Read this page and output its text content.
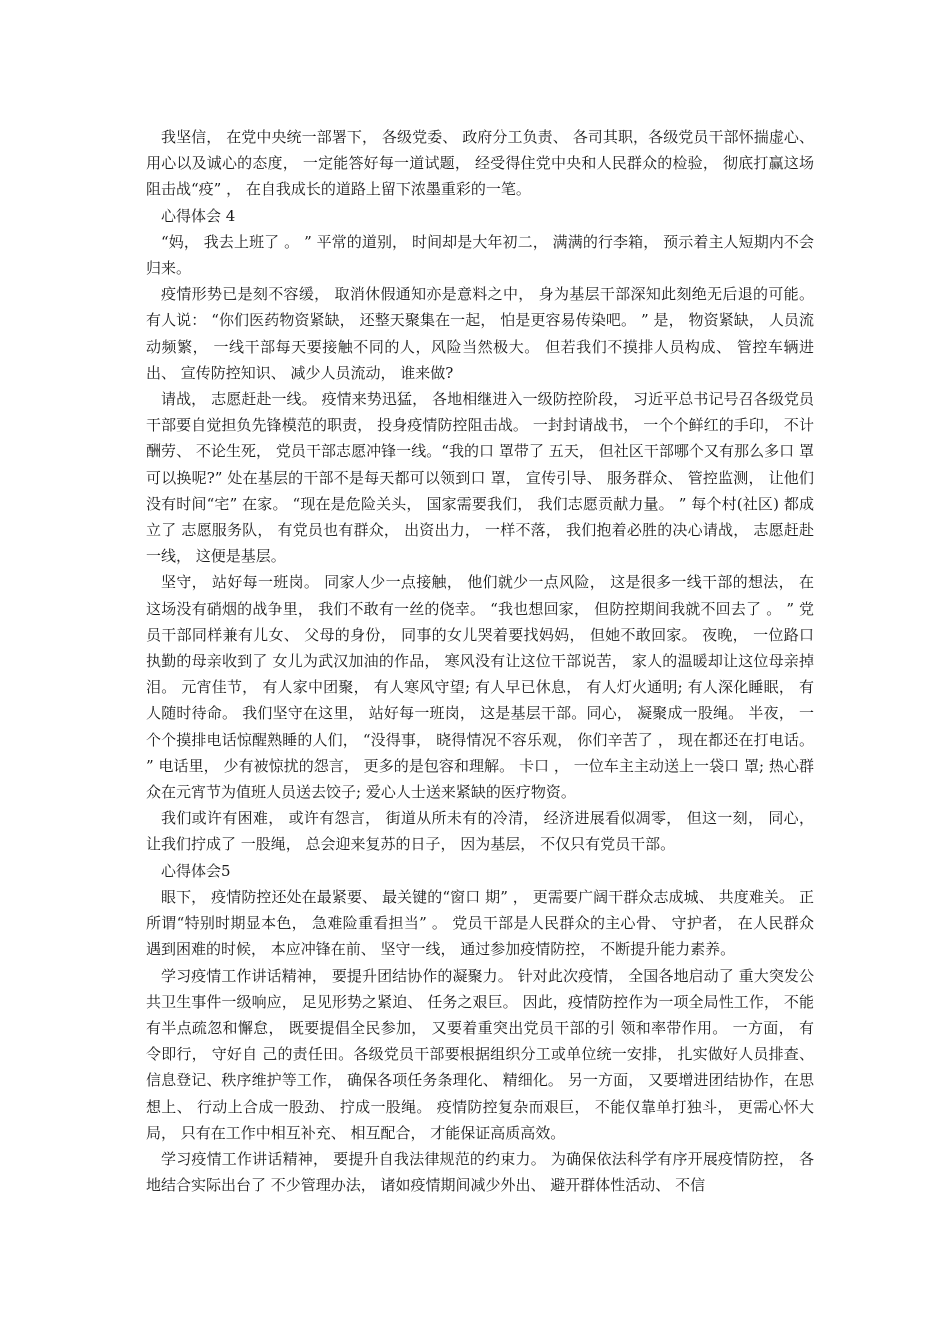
我坚信， 在党中央统一部署下， 各级党委、 政府分工负责、 各司其职，各级党员干部怀揣虚心、 用心以及诚心的态度， 一定能答好每一道试题， 经受得住党中央和人民群众的检验， 彻底打赢这场阻击战“疫” ， 在自我成长的道路上留下浓墨重彩的一笔。

心得体会 4

“妈， 我去上班了 。 ” 平常的道别， 时间却是大年初二， 满满的行李箱， 预示着主人短期内不会归来。

疫情形势已是刻不容缓， 取消休假通知亦是意料之中， 身为基层干部深知此刻绝无后退的可能。 有人说： “你们医药物资紧缺， 还整天聚集在一起， 怕是更容易传染吧。 ” 是， 物资紧缺， 人员流动频繁， 一线干部每天要接触不同的人，风险当然极大。 但若我们不摸排人员构成、 管控车辆进出、 宣传防控知识、 减少人员流动， 谁来做?

请战， 志愿赶赴一线。 疫情来势迅猛， 各地相继进入一级防控阶段， 习近平总书记号召各级党员干部要自觉担负先锋模范的职责， 投身疫情防控阻击战。 一封封请战书， 一个个鲜红的手印， 不计酬劳、 不论生死， 党员干部志愿冲锋一线。“我的口 罩带了 五天， 但社区干部哪个又有那么多口 罩可以换呢?” 处在基层的干部不是每天都可以领到口 罩， 宣传引导、 服务群众、 管控监测， 让他们没有时间“宅” 在家。 “现在是危险关头， 国家需要我们， 我们志愿贡献力量。 ” 每个村(社区) 都成立了 志愿服务队， 有党员也有群众， 出资出力， 一样不落， 我们抱着必胜的决心请战， 志愿赶赴一线， 这便是基层。

坚守， 站好每一班岗。 同家人少一点接触， 他们就少一点风险， 这是很多一线干部的想法， 在这场没有硝烟的战争里， 我们不敢有一丝的侥幸。 “我也想回家， 但防控期间我就不回去了 。 ” 党员干部同样兼有儿女、 父母的身份， 同事的女儿哭着要找妈妈， 但她不敢回家。 夜晚， 一位路口 执勤的母亲收到了 女儿为武汉加油的作品， 寒风没有让这位干部说苦， 家人的温暖却让这位母亲掉泪。 元宵佳节， 有人家中团聚， 有人寒风守望; 有人早已休息， 有人灯火通明; 有人深化睡眠， 有人随时待命。 我们坚守在这里， 站好每一班岗， 这是基层干部。同心， 凝聚成一股绳。 半夜， 一个个摸排电话惊醒熟睡的人们， “没得事， 晓得情况不容乐观， 你们辛苦了 ， 现在都还在打电话。 ” 电话里， 少有被惊扰的怨言， 更多的是包容和理解。 卡口 ， 一位车主主动送上一袋口 罩; 热心群众在元宵节为值班人员送去饺子; 爱心人士送来紧缺的医疗物资。

我们或许有困难， 或许有怨言， 街道从所未有的冷清， 经济进展看似凋零， 但这一刻， 同心， 让我们拧成了 一股绳， 总会迎来复苏的日子， 因为基层， 不仅只有党员干部。

心得体会5

眼下， 疫情防控还处在最紧要、 最关键的“窗口 期” ， 更需要广阔干群众志成城、 共度难关。 正所谓“特别时期显本色， 急难险重看担当” 。 党员干部是人民群众的主心骨、 守护者， 在人民群众遇到困难的时候， 本应冲锋在前、 坚守一线， 通过参加疫情防控， 不断提升能力素养。

学习疫情工作讲话精神， 要提升团结协作的凝聚力。 针对此次疫情， 全国各地启动了 重大突发公共卫生事件一级响应， 足见形势之紧迫、 任务之艰巨。 因此，疫情防控作为一项全局性工作， 不能有半点疏忽和懈怠， 既要提倡全民参加， 又要着重突出党员干部的引 领和率带作用。 一方面， 有令即行， 守好自 己的责任田。各级党员干部要根据组织分工或单位统一安排， 扎实做好人员排查、 信息登记、秩序维护等工作， 确保各项任务条理化、 精细化。 另一方面， 又要增进团结协作，在思想上、 行动上合成一股劲、 拧成一股绳。 疫情防控复杂而艰巨， 不能仅靠单打独斗， 更需心怀大局， 只有在工作中相互补充、 相互配合， 才能保证高质高效。

学习疫情工作讲话精神， 要提升自我法律规范的约束力。 为确保依法科学有序开展疫情防控， 各地结合实际出台了 不少管理办法， 诸如疫情期间减少外出、 避开群体性活动、 不信
